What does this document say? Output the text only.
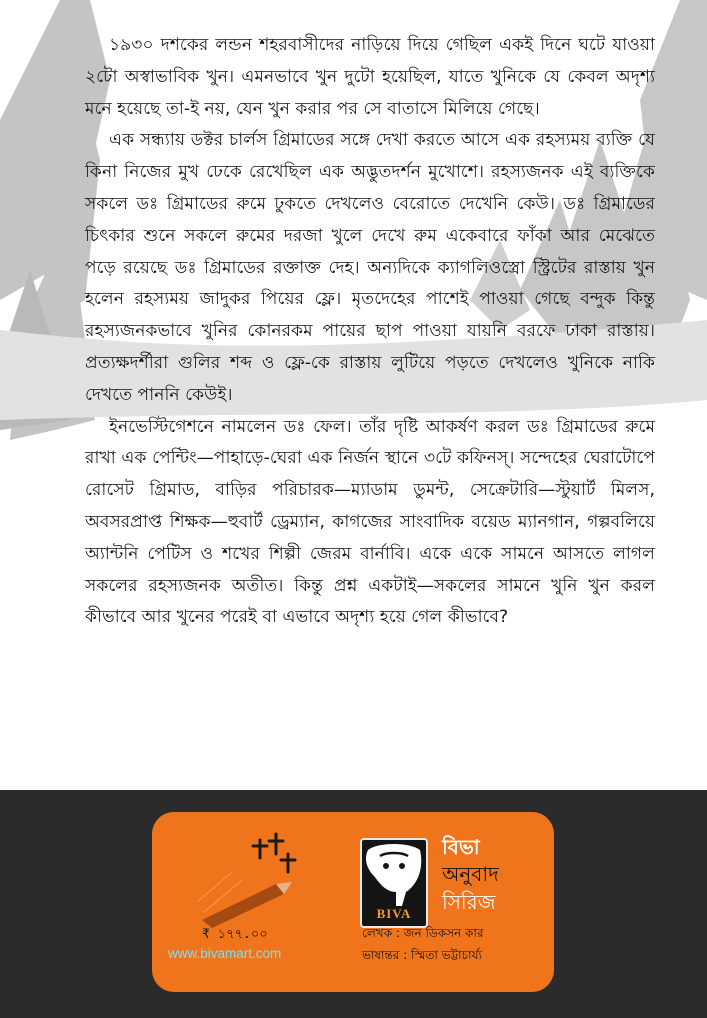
১৯৩০ দশকের লন্ডন শহরবাসীদের নাড়িয়ে দিয়ে গেছিল একই দিনে ঘটে যাওয়া ২টো অস্বাভাবিক খুন। এমনভাবে খুন দুটো হয়েছিল, যাতে খুনিকে যে কেবল অদৃশ্য মনে হয়েছে তা-ই নয়, যেন খুন করার পর সে বাতাসে মিলিয়ে গেছে।

এক সন্ধ্যায় ডক্টর চার্লস গ্রিমাডের সঙ্গে দেখা করতে আসে এক রহস্যময় ব্যক্তি যে কিনা নিজের মুখ ঢেকে রেখেছিল এক অদ্ভুতদর্শন মুখোশে। রহস্যজনক এই ব্যক্তিকে সকলে ডঃ গ্রিমাডের রুমে ঢুকতে দেখলেও বেরোতে দেখেনি কেউ। ডঃ গ্রিমাডের চিৎকার শুনে সকলে রুমের দরজা খুলে দেখে রুম একেবারে ফাঁকা আর মেঝেতে পড়ে রয়েছে ডঃ গ্রিমাডের রক্তাক্ত দেহ। অন্যদিকে ক্যাগলিওস্ত্রো স্ট্রিটের রাস্তায় খুন হলেন রহস্যময় জাদুকর পিয়ের ফ্লে। মৃতদেহের পাশেই পাওয়া গেছে বন্দুক কিন্তু রহস্যজনকভাবে খুনির কোনরকম পায়ের ছাপ পাওয়া যায়নি বরফে ঢাকা রাস্তায়। প্রত্যক্ষদর্শীরা গুলির শব্দ ও ফ্লে-কে রাস্তায় লুটিয়ে পড়তে দেখলেও খুনিকে নাকি দেখতে পাননি কেউই।

ইনভেস্টিগেশনে নামলেন ডঃ ফেল। তাঁর দৃষ্টি আকর্ষণ করল ডঃ গ্রিমাডের রুমে রাখা এক পেন্টিং—পাহাড়ে-ঘেরা এক নির্জন স্থানে ৩টে কফিনস্। সন্দেহের ঘেরাটোপে রোসেট গ্রিমাড, বাড়ির পরিচারক—ম্যাডাম ডুমন্ট, সেক্রেটারি—স্টুয়ার্ট মিলস, অবসরপ্রাপ্ত শিক্ষক—হুবার্ট ড্রেম্যান, কাগজের সাংবাদিক বয়েড ম্যানগান, গল্পবলিয়ে অ্যান্টনি পেটিস ও শখের শিল্পী জেরম বার্নাবি। একে একে সামনে আসতে লাগল সকলের রহস্যজনক অতীত। কিন্তু প্রশ্ন একটাই—সকলের সামনে খুনি খুন করল কীভাবে আর খুনের পরেই বা এভাবে অদৃশ্য হয়ে গেল কীভাবে?

₹ ১৭৭.০০
www.bivamart.com
BIVA
বিভা
অনুবাদ
সিরিজ
লেখক : জন ডিকসন কার
ভাষান্তর : স্মিতা ভট্টাচার্য্য
